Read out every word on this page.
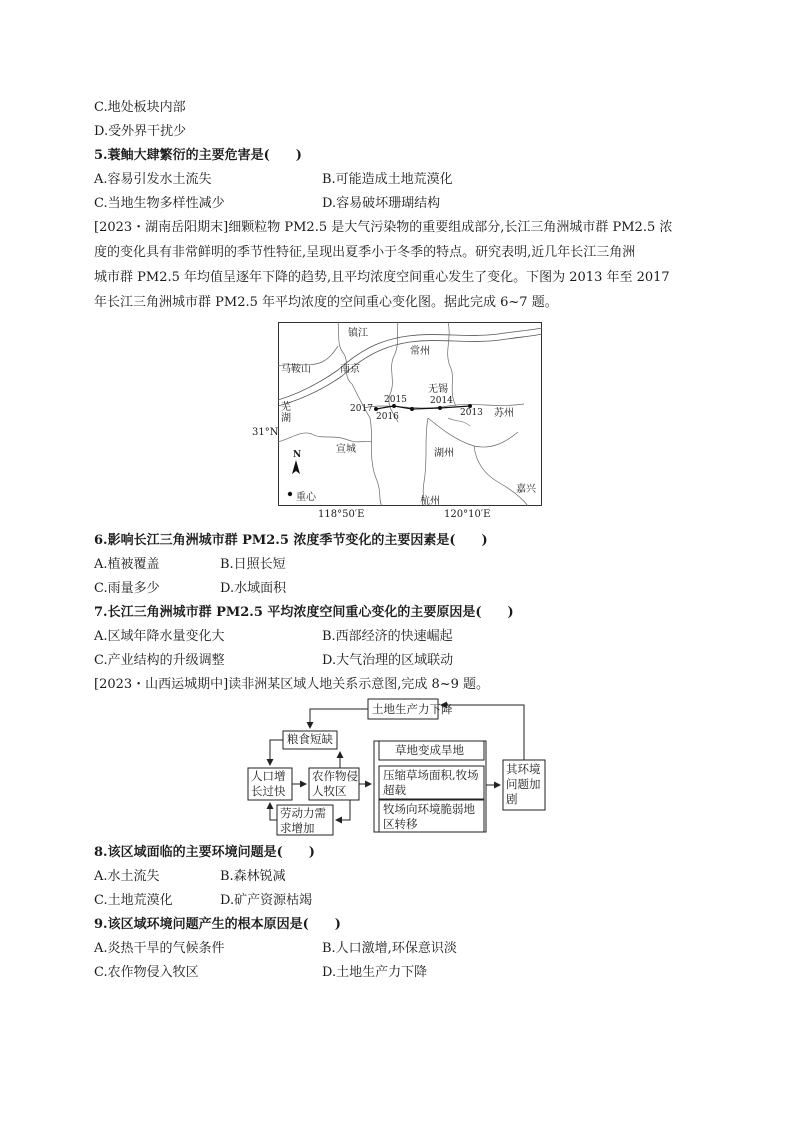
C.地处板块内部
D.受外界干扰少
5.蓑鲉大肆繁衍的主要危害是(　　)
A.容易引发水土流失	B.可能造成土地荒漠化
C.当地生物多样性减少	D.容易破坏珊瑚结构
[2023・湖南岳阳期末]细颗粒物 PM2.5 是大气污染物的重要组成部分,长江三角洲城市群 PM2.5 浓
度的变化具有非常鲜明的季节性特征,呈现出夏季小于冬季的特点。研究表明,近几年长江三角洲
城市群 PM2.5 年均值呈逐年下降的趋势,且平均浓度空间重心发生了变化。下图为 2013 年至 2017
年长江三角洲城市群 PM2.5 年平均浓度的空间重心变化图。据此完成 6~7 题。
镇江
常州
马鞍山	南京
无锡
芜湖	苏州
宣城	湖州
嘉兴
杭州
2017
2015
2016
2014
2013
N
重心
31°N
118°50′E	120°10′E
6.影响长江三角洲城市群 PM2.5 浓度季节变化的主要因素是(　　)
A.植被覆盖	B.日照长短
C.雨量多少	D.水域面积
7.长江三角洲城市群 PM2.5 平均浓度空间重心变化的主要原因是(　　)
A.区域年降水量变化大	B.西部经济的快速崛起
C.产业结构的升级调整	D.大气治理的区域联动
[2023・山西运城期中]读非洲某区域人地关系示意图,完成 8~9 题。
土地生产力下降
粮食短缺
人口增长过快
农作物侵人牧区
劳动力需求增加
草地变成旱地
压缩草场面积,牧场超载
牧场向环境脆弱地区转移
其环境问题加剧
8.该区域面临的主要环境问题是(　　)
A.水土流失	B.森林锐减
C.土地荒漠化	D.矿产资源枯竭
9.该区域环境问题产生的根本原因是(　　)
A.炎热干旱的气候条件	B.人口激增,环保意识淡
C.农作物侵入牧区	D.土地生产力下降
